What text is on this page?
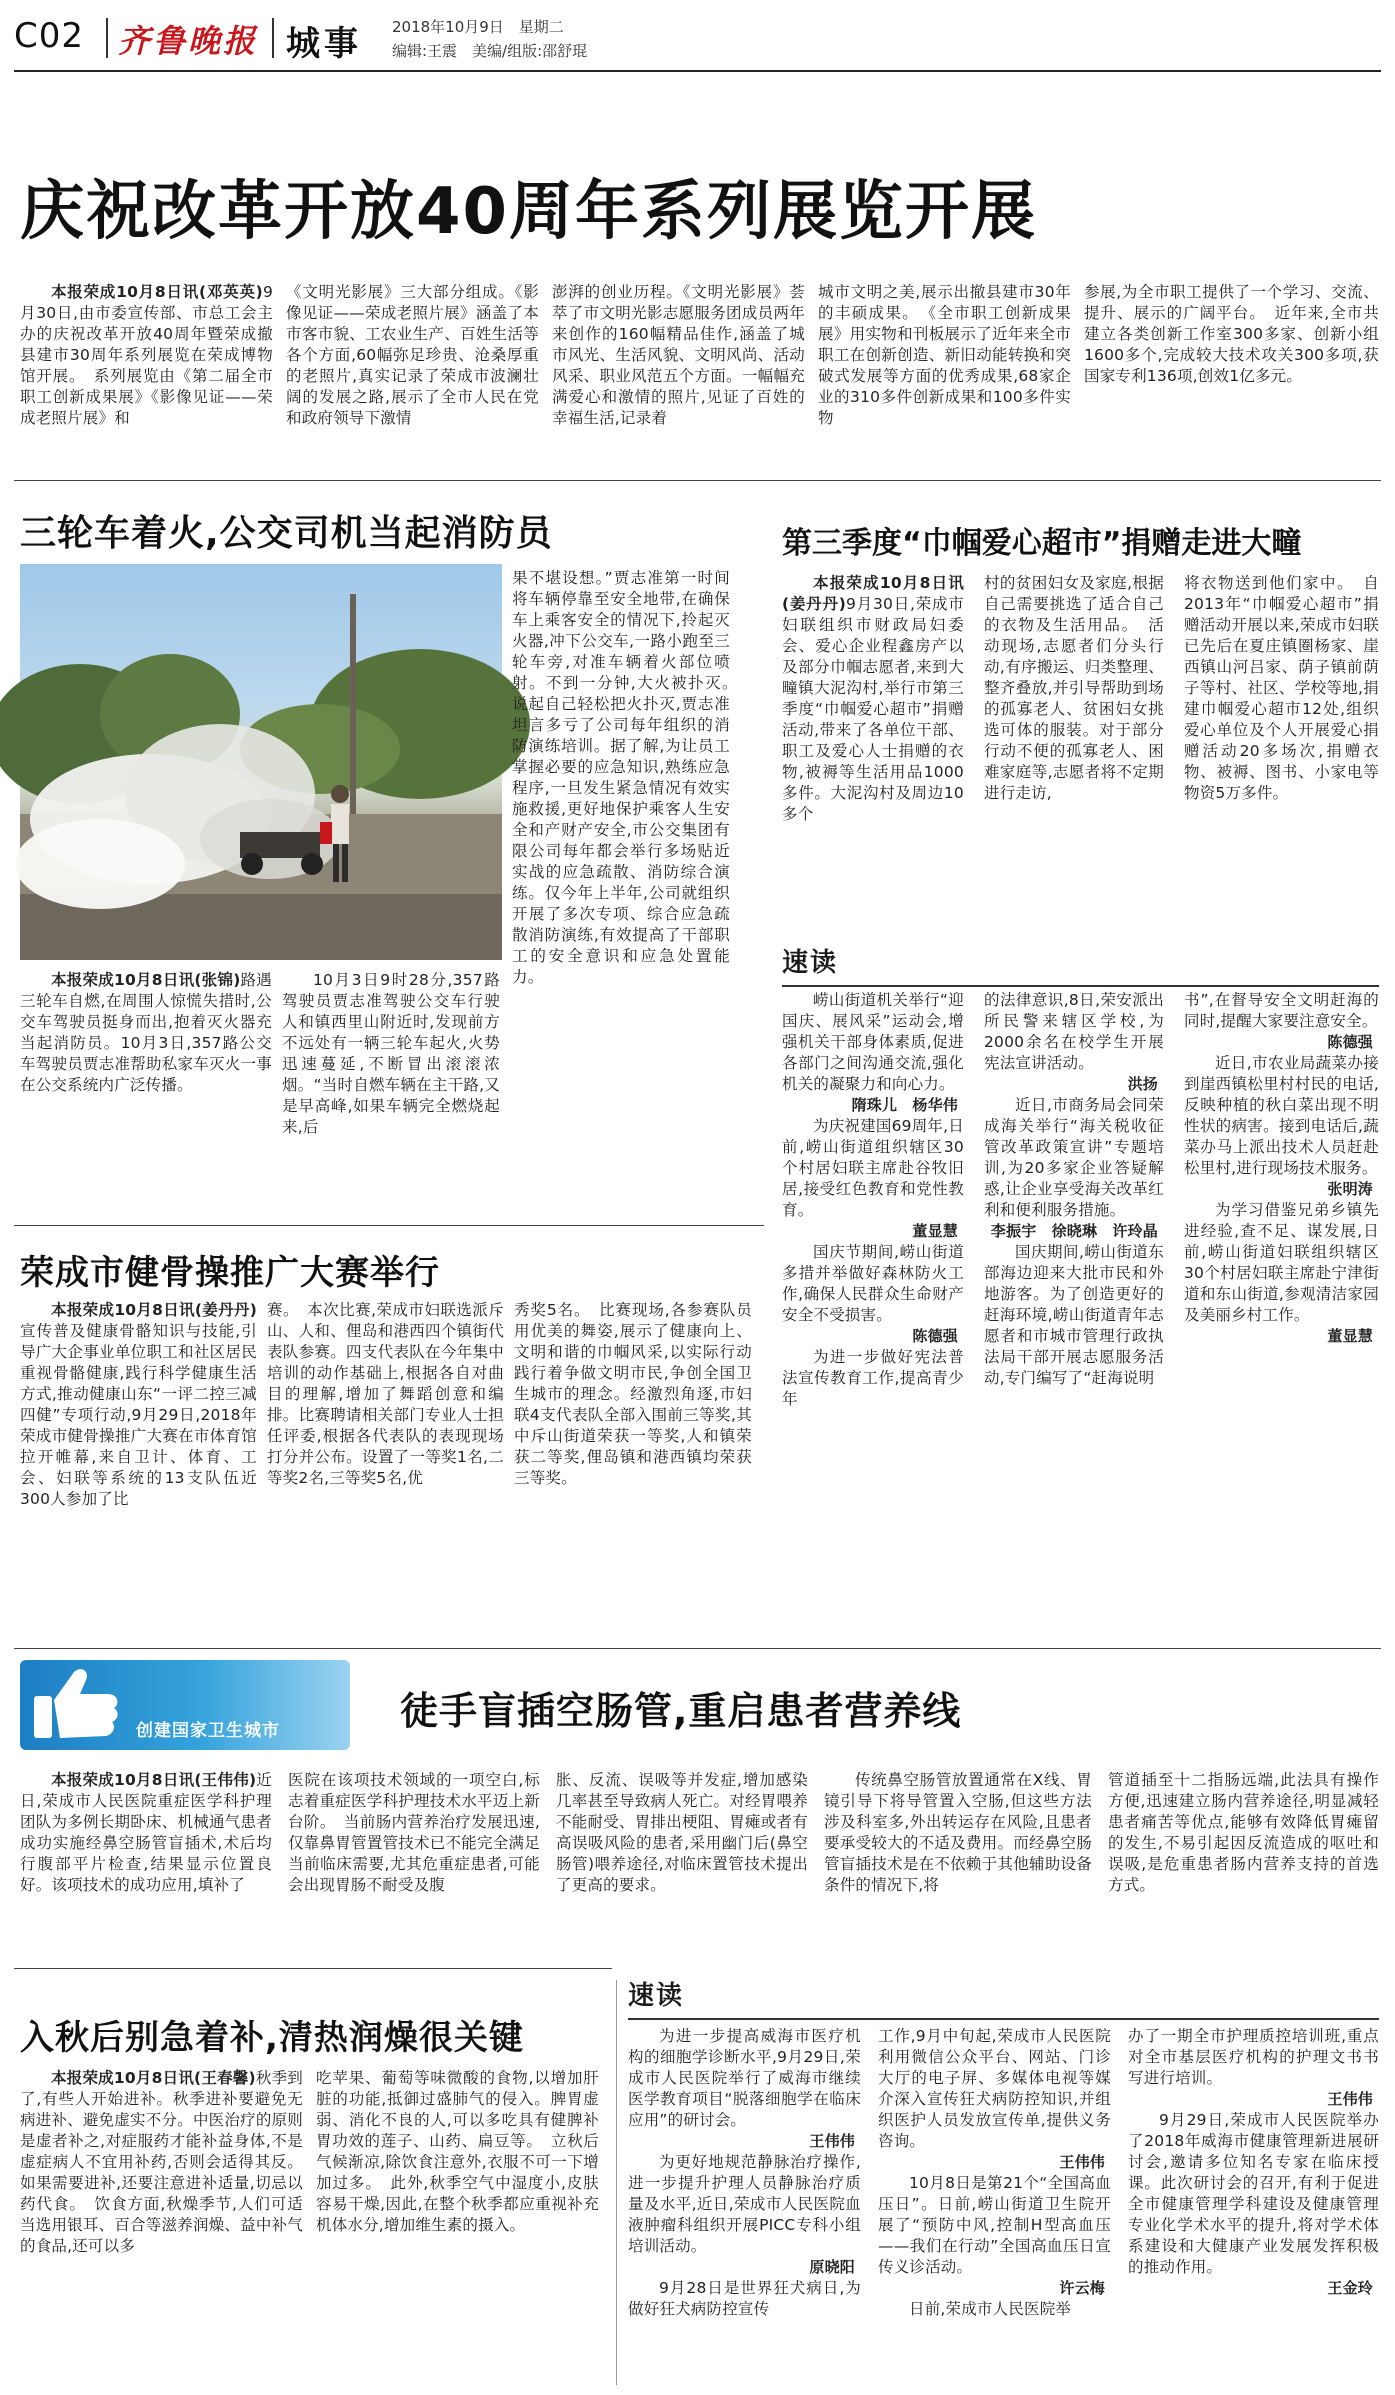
C02 齐鲁晚报 城事 2018年10月9日　星期二
编辑:王震　美编/组版:邵舒琨
庆祝改革开放40周年系列展览开展

本报荣成10月8日讯(邓英英)9月30日,由市委宣传部、市总工会主办的庆祝改革开放40周年暨荣成撤县建市30周年系列展览在荣成博物馆开展。　系列展览由《第二届全市职工创新成果展》《影像见证——荣成老照片展》和

《文明光影展》三大部分组成。《影像见证——荣成老照片展》涵盖了本市客市貌、工农业生产、百姓生活等各个方面,60幅弥足珍贵、沧桑厚重的老照片,真实记录了荣成市波澜壮阔的发展之路,展示了全市人民在党和政府领导下激情

澎湃的创业历程。《文明光影展》荟萃了市文明光影志愿服务团成员两年来创作的160幅精品佳作,涵盖了城市风光、生活风貌、文明风尚、活动风采、职业风范五个方面。一幅幅充满爱心和激情的照片,见证了百姓的幸福生活,记录着

城市文明之美,展示出撤县建市30年的丰硕成果。　《全市职工创新成果展》用实物和刊板展示了近年来全市职工在创新创造、新旧动能转换和突破式发展等方面的优秀成果,68家企业的310多件创新成果和100多件实物

参展,为全市职工提供了一个学习、交流、提升、展示的广阔平台。　近年来,全市共建立各类创新工作室300多家、创新小组1600多个,完成较大技术攻关300多项,获国家专利136项,创效1亿多元。

三轮车着火,公交司机当起消防员

本报荣成10月8日讯(张锦)路遇三轮车自燃,在周围人惊慌失措时,公交车驾驶员挺身而出,抱着灭火器充当起消防员。10月3日,357路公交车驾驶员贾志准帮助私家车灭火一事在公交系统内广泛传播。

10月3日9时28分,357路驾驶员贾志准驾驶公交车行驶人和镇西里山附近时,发现前方不远处有一辆三轮车起火,火势迅速蔓延,不断冒出滚滚浓烟。“当时自燃车辆在主干路,又是早高峰,如果车辆完全燃烧起来,后

果不堪设想。”贾志准第一时间将车辆停靠至安全地带,在确保车上乘客安全的情况下,拎起灭火器,冲下公交车,一路小跑至三轮车旁,对准车辆着火部位喷射。不到一分钟,大火被扑灭。　说起自己轻松把火扑灭,贾志准坦言多亏了公司每年组织的消防演练培训。据了解,为让员工掌握必要的应急知识,熟练应急程序,一旦发生紧急情况有效实施救援,更好地保护乘客人生安全和产财产安全,市公交集团有限公司每年都会举行多场贴近实战的应急疏散、消防综合演练。仅今年上半年,公司就组织开展了多次专项、综合应急疏散消防演练,有效提高了干部职工的安全意识和应急处置能力。

第三季度“巾帼爱心超市”捐赠走进大疃

本报荣成10月8日讯(姜丹丹)9月30日,荣成市妇联组织市财政局妇委会、爱心企业程鑫房产以及部分巾帼志愿者,来到大疃镇大泥沟村,举行市第三季度“巾帼爱心超市”捐赠活动,带来了各单位干部、职工及爱心人士捐赠的衣物,被褥等生活用品1000多件。大泥沟村及周边10多个

村的贫困妇女及家庭,根据自己需要挑选了适合自己的衣物及生活用品。　活动现场,志愿者们分头行动,有序搬运、归类整理、整齐叠放,并引导帮助到场的孤寡老人、贫困妇女挑选可体的服装。对于部分行动不便的孤寡老人、困难家庭等,志愿者将不定期进行走访,

将衣物送到他们家中。　自2013年“巾帼爱心超市”捐赠活动开展以来,荣成市妇联已先后在夏庄镇圈杨家、崖西镇山河吕家、荫子镇前荫子等村、社区、学校等地,捐建巾帼爱心超市12处,组织爱心单位及个人开展爱心捐赠活动20多场次,捐赠衣物、被褥、图书、小家电等物资5万多件。

速读

崂山街道机关举行“迎国庆、展风采”运动会,增强机关干部身体素质,促进各部门之间沟通交流,强化机关的凝聚力和向心力。

隋珠儿　杨华伟

为庆祝建国69周年,日前,崂山街道组织辖区30个村居妇联主席赴谷牧旧居,接受红色教育和党性教育。

董显慧

国庆节期间,崂山街道多措并举做好森林防火工作,确保人民群众生命财产安全不受损害。

陈德强

为进一步做好宪法普法宣传教育工作,提高青少年

的法律意识,8日,荣安派出所民警来辖区学校,为2000余名在校学生开展宪法宣讲活动。

洪扬

近日,市商务局会同荣成海关举行“海关税收征管改革政策宣讲”专题培训,为20多家企业答疑解惑,让企业享受海关改革红利和便利服务措施。

李振宇　徐晓琳　许玲晶

国庆期间,崂山街道东部海边迎来大批市民和外地游客。为了创造更好的赶海环境,崂山街道青年志愿者和市城市管理行政执法局干部开展志愿服务活动,专门编写了“赶海说明

书”,在督导安全文明赶海的同时,提醒大家要注意安全。

陈德强

近日,市农业局蔬菜办接到崖西镇松里村村民的电话,反映种植的秋白菜出现不明性状的病害。接到电话后,蔬菜办马上派出技术人员赶赴松里村,进行现场技术服务。

张明涛

为学习借鉴兄弟乡镇先进经验,查不足、谋发展,日前,崂山街道妇联组织辖区30个村居妇联主席赴宁津街道和东山街道,参观清洁家园及美丽乡村工作。

董显慧
荣成市健骨操推广大赛举行

本报荣成10月8日讯(姜丹丹)宣传普及健康骨骼知识与技能,引导广大企事业单位职工和社区居民重视骨骼健康,践行科学健康生活方式,推动健康山东“一评二控三减四健”专项行动,9月29日,2018年荣成市健骨操推广大赛在市体育馆拉开帷幕,来自卫计、体育、工会、妇联等系统的13支队伍近300人参加了比

赛。　本次比赛,荣成市妇联选派斥山、人和、俚岛和港西四个镇街代表队参赛。四支代表队在今年集中培训的动作基础上,根据各自对曲目的理解,增加了舞蹈创意和编排。比赛聘请相关部门专业人士担任评委,根据各代表队的表现现场打分并公布。设置了一等奖1名,二等奖2名,三等奖5名,优

秀奖5名。　比赛现场,各参赛队员用优美的舞姿,展示了健康向上、文明和谐的巾帼风采,以实际行动践行着争做文明市民,争创全国卫生城市的理念。经激烈角逐,市妇联4支代表队全部入围前三等奖,其中斥山街道荣获一等奖,人和镇荣获二等奖,俚岛镇和港西镇均荣获三等奖。

创建国家卫生城市	徒手盲插空肠管,重启患者营养线

本报荣成10月8日讯(王伟伟)近日,荣成市人民医院重症医学科护理团队为多例长期卧床、机械通气患者成功实施经鼻空肠管盲插术,术后均行腹部平片检查,结果显示位置良好。该项技术的成功应用,填补了

医院在该项技术领域的一项空白,标志着重症医学科护理技术水平迈上新台阶。　当前肠内营养治疗发展迅速,仅靠鼻胃管置管技术已不能完全满足当前临床需要,尤其危重症患者,可能会出现胃肠不耐受及腹

胀、反流、误吸等并发症,增加感染几率甚至导致病人死亡。对经胃喂养不能耐受、胃排出梗阻、胃瘫或者有高误吸风险的患者,采用幽门后(鼻空肠管)喂养途径,对临床置管技术提出了更高的要求。

传统鼻空肠管放置通常在X线、胃镜引导下将导管置入空肠,但这些方法涉及科室多,外出转运存在风险,且患者要承受较大的不适及费用。而经鼻空肠管盲插技术是在不依赖于其他辅助设备条件的情况下,将

管道插至十二指肠远端,此法具有操作方便,迅速建立肠内营养途径,明显减轻患者痛苦等优点,能够有效降低胃瘫留的发生,不易引起因反流造成的呕吐和误吸,是危重患者肠内营养支持的首选方式。

入秋后别急着补,清热润燥很关键

本报荣成10月8日讯(王春馨)秋季到了,有些人开始进补。秋季进补要避免无病进补、避免虚实不分。中医治疗的原则是虚者补之,对症服药才能补益身体,不是虚症病人不宜用补药,否则会适得其反。如果需要进补,还要注意进补适量,切忌以药代食。　饮食方面,秋燥季节,人们可适当选用银耳、百合等滋养润燥、益中补气的食品,还可以多

吃苹果、葡萄等味微酸的食物,以增加肝脏的功能,抵御过盛肺气的侵入。脾胃虚弱、消化不良的人,可以多吃具有健脾补胃功效的莲子、山药、扁豆等。　立秋后气候渐凉,除饮食注意外,衣服不可一下增加过多。　此外,秋季空气中湿度小,皮肤容易干燥,因此,在整个秋季都应重视补充机体水分,增加维生素的摄入。

速读

为进一步提高威海市医疗机构的细胞学诊断水平,9月29日,荣成市人民医院举行了威海市继续医学教育项目“脱落细胞学在临床应用”的研讨会。

王伟伟

为更好地规范静脉治疗操作,进一步提升护理人员静脉治疗质量及水平,近日,荣成市人民医院血液肿瘤科组织开展PICC专科小组培训活动。

原晓阳

9月28日是世界狂犬病日,为做好狂犬病防控宣传

工作,9月中旬起,荣成市人民医院利用微信公众平台、网站、门诊大厅的电子屏、多媒体电视等媒介深入宣传狂犬病防控知识,并组织医护人员发放宣传单,提供义务咨询。

王伟伟

10月8日是第21个“全国高血压日”。日前,崂山街道卫生院开展了“预防中风,控制H型高血压——我们在行动”全国高血压日宣传义诊活动。

许云梅

日前,荣成市人民医院举

办了一期全市护理质控培训班,重点对全市基层医疗机构的护理文书书写进行培训。

王伟伟

9月29日,荣成市人民医院举办了2018年威海市健康管理新进展研讨会,邀请多位知名专家在临床授课。此次研讨会的召开,有利于促进全市健康管理学科建设及健康管理专业化学术水平的提升,将对学术体系建设和大健康产业发展发挥积极的推动作用。

王金玲
